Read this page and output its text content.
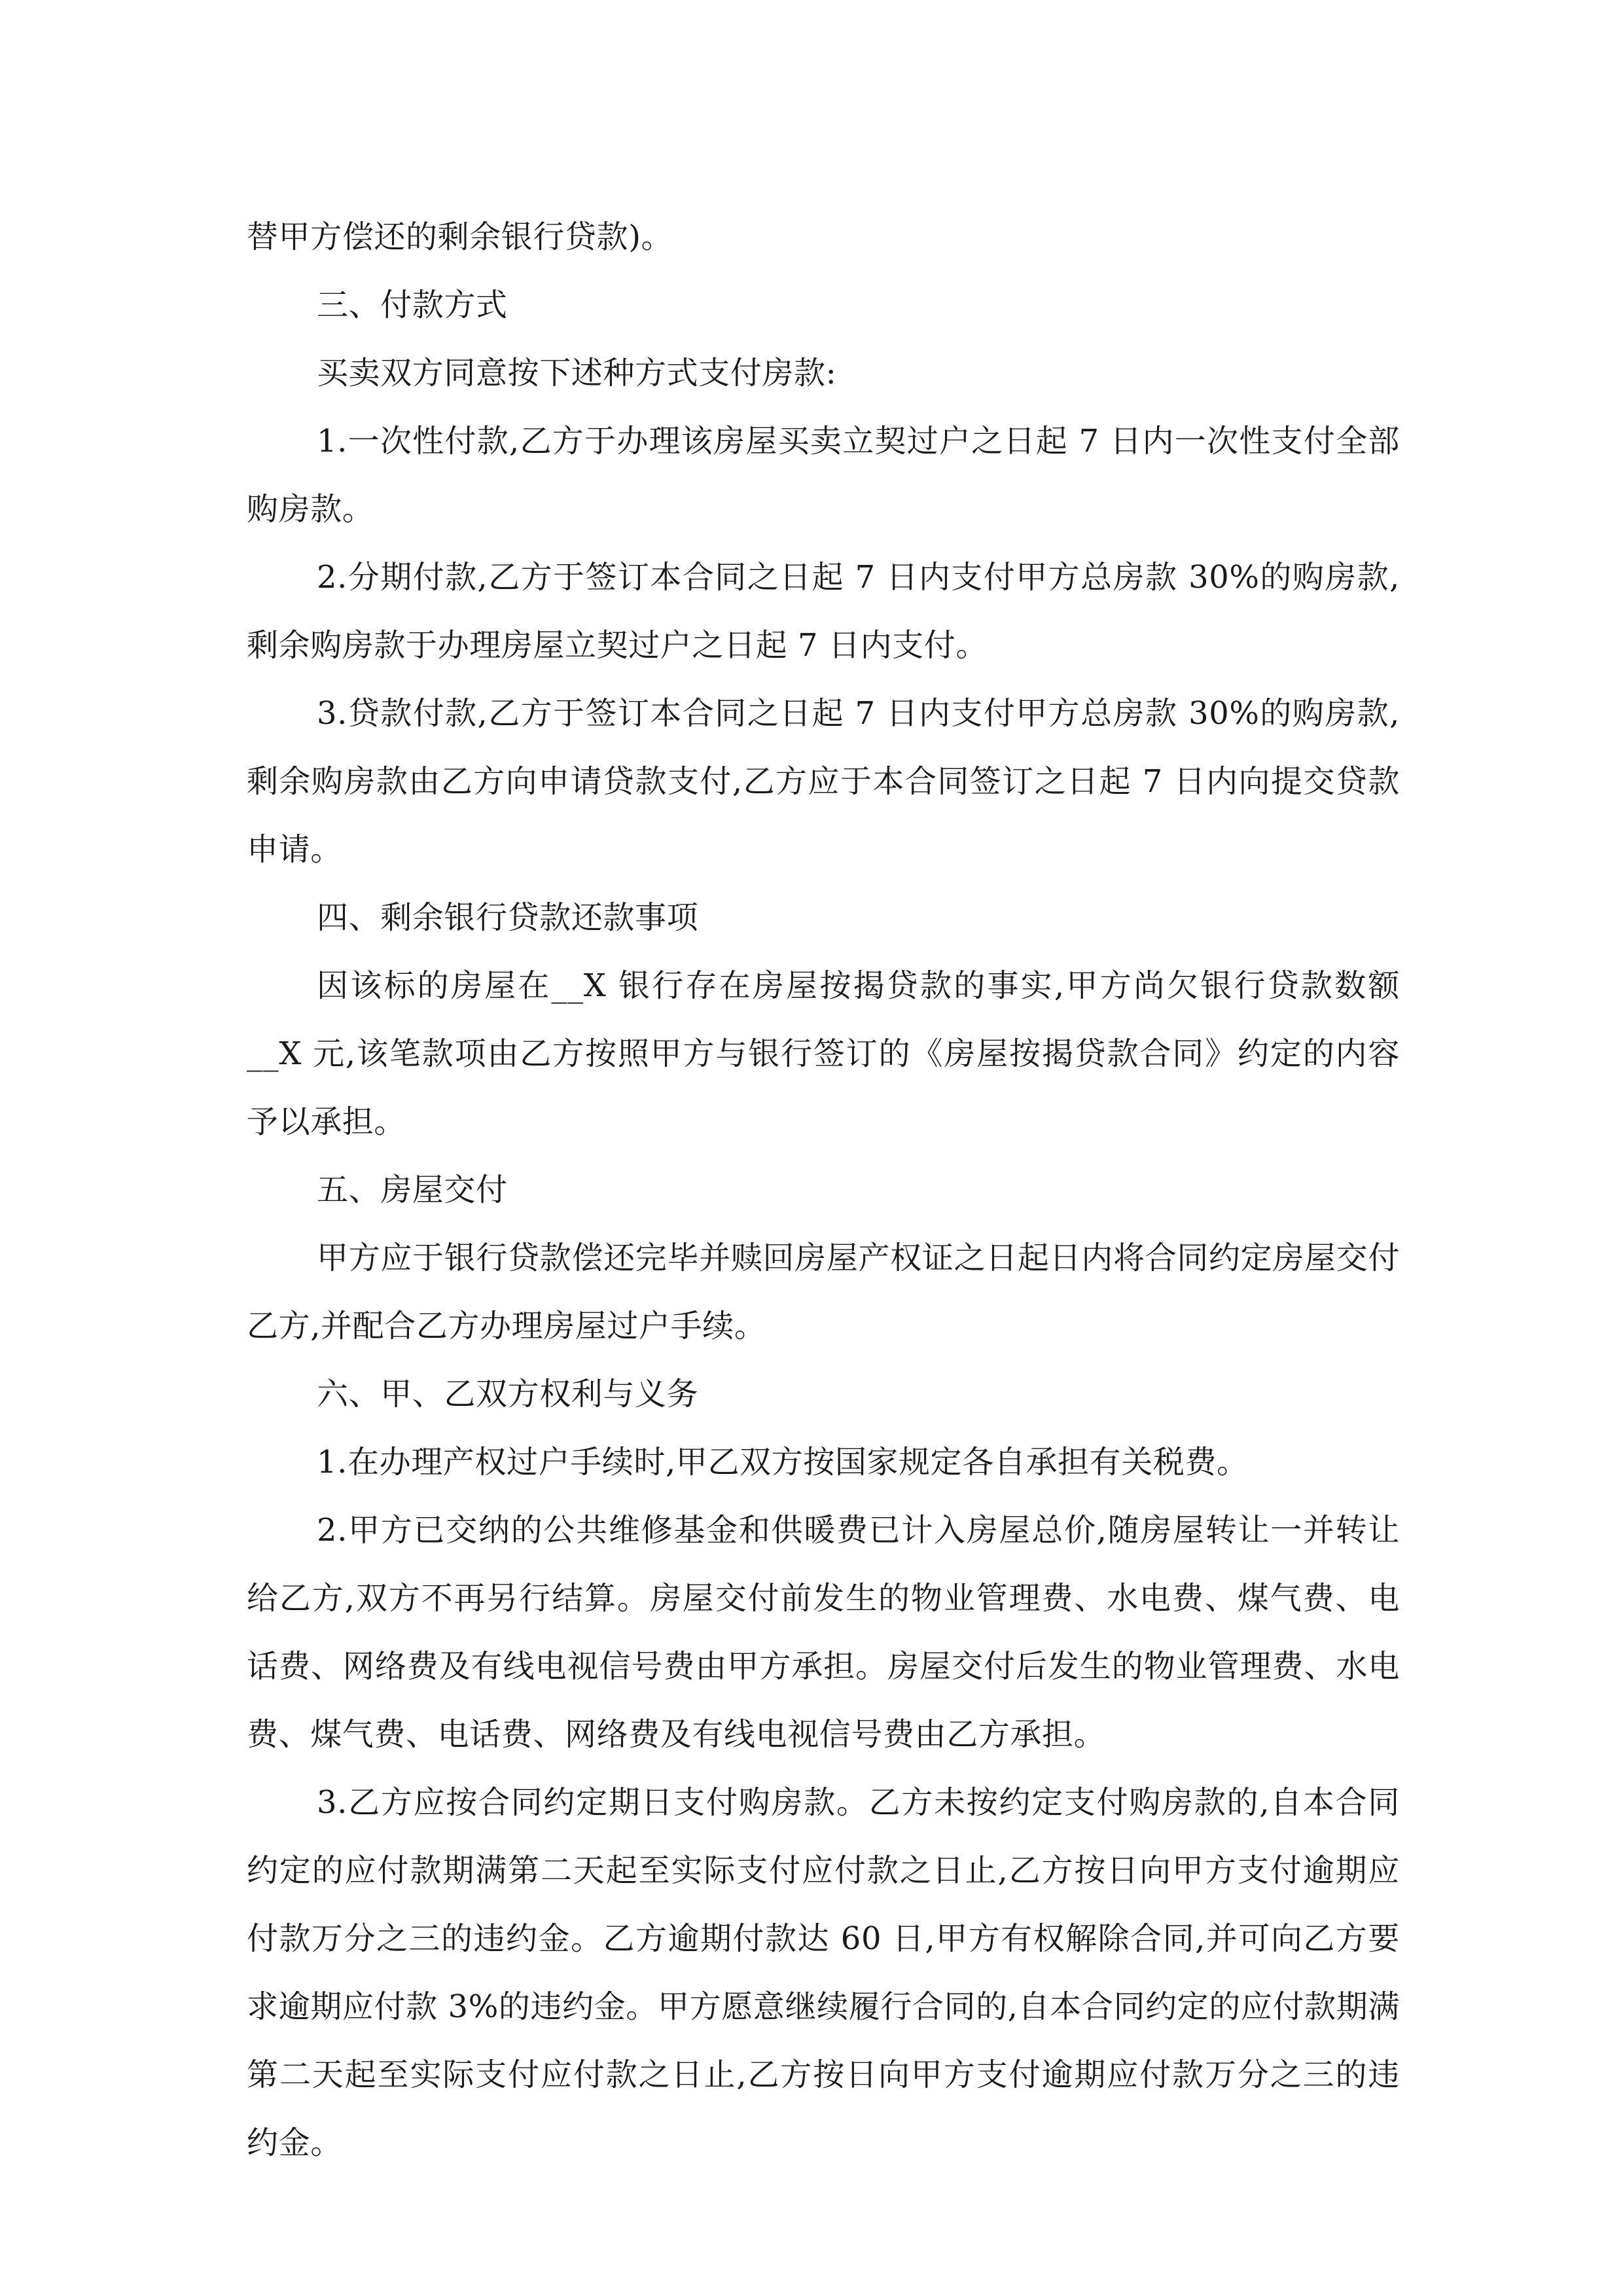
替甲方偿还的剩余银行贷款)。

三、付款方式

买卖双方同意按下述种方式支付房款:

1.一次性付款,乙方于办理该房屋买卖立契过户之日起 7 日内一次性支付全部购房款。

2.分期付款,乙方于签订本合同之日起 7 日内支付甲方总房款 30%的购房款,剩余购房款于办理房屋立契过户之日起 7 日内支付。

3.贷款付款,乙方于签订本合同之日起 7 日内支付甲方总房款 30%的购房款,剩余购房款由乙方向申请贷款支付,乙方应于本合同签订之日起 7 日内向提交贷款申请。

四、剩余银行贷款还款事项

因该标的房屋在__X 银行存在房屋按揭贷款的事实,甲方尚欠银行贷款数额__X 元,该笔款项由乙方按照甲方与银行签订的《房屋按揭贷款合同》约定的内容予以承担。

五、房屋交付

甲方应于银行贷款偿还完毕并赎回房屋产权证之日起日内将合同约定房屋交付乙方,并配合乙方办理房屋过户手续。

六、甲、乙双方权利与义务

1.在办理产权过户手续时,甲乙双方按国家规定各自承担有关税费。

2.甲方已交纳的公共维修基金和供暖费已计入房屋总价,随房屋转让一并转让给乙方,双方不再另行结算。房屋交付前发生的物业管理费、水电费、煤气费、电话费、网络费及有线电视信号费由甲方承担。房屋交付后发生的物业管理费、水电费、煤气费、电话费、网络费及有线电视信号费由乙方承担。

3.乙方应按合同约定期日支付购房款。乙方未按约定支付购房款的,自本合同约定的应付款期满第二天起至实际支付应付款之日止,乙方按日向甲方支付逾期应付款万分之三的违约金。乙方逾期付款达 60 日,甲方有权解除合同,并可向乙方要求逾期应付款 3%的违约金。甲方愿意继续履行合同的,自本合同约定的应付款期满第二天起至实际支付应付款之日止,乙方按日向甲方支付逾期应付款万分之三的违约金。
